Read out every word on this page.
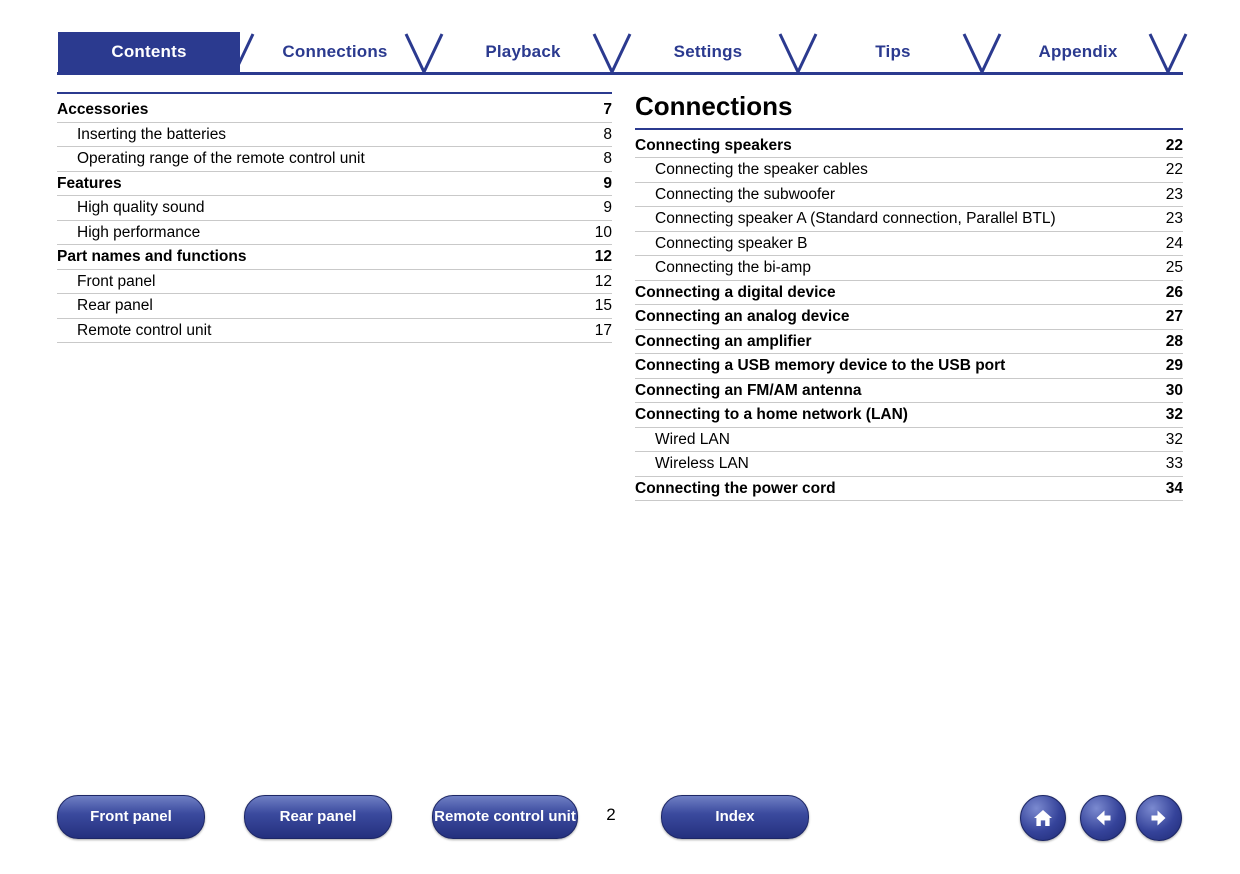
Contents	Connections	Playback	Settings	Tips	Appendix
Accessories	7
Inserting the batteries	8
Operating range of the remote control unit	8
Features	9
High quality sound	9
High performance	10
Part names and functions	12
Front panel	12
Rear panel	15
Remote control unit	17
Connections
Connecting speakers	22
Connecting the speaker cables	22
Connecting the subwoofer	23
Connecting speaker A (Standard connection, Parallel BTL)	23
Connecting speaker B	24
Connecting the bi-amp	25
Connecting a digital device	26
Connecting an analog device	27
Connecting an amplifier	28
Connecting a USB memory device to the USB port	29
Connecting an FM/AM antenna	30
Connecting to a home network (LAN)	32
Wired LAN	32
Wireless LAN	33
Connecting the power cord	34
Front panel	Rear panel	Remote control unit	Index
2
